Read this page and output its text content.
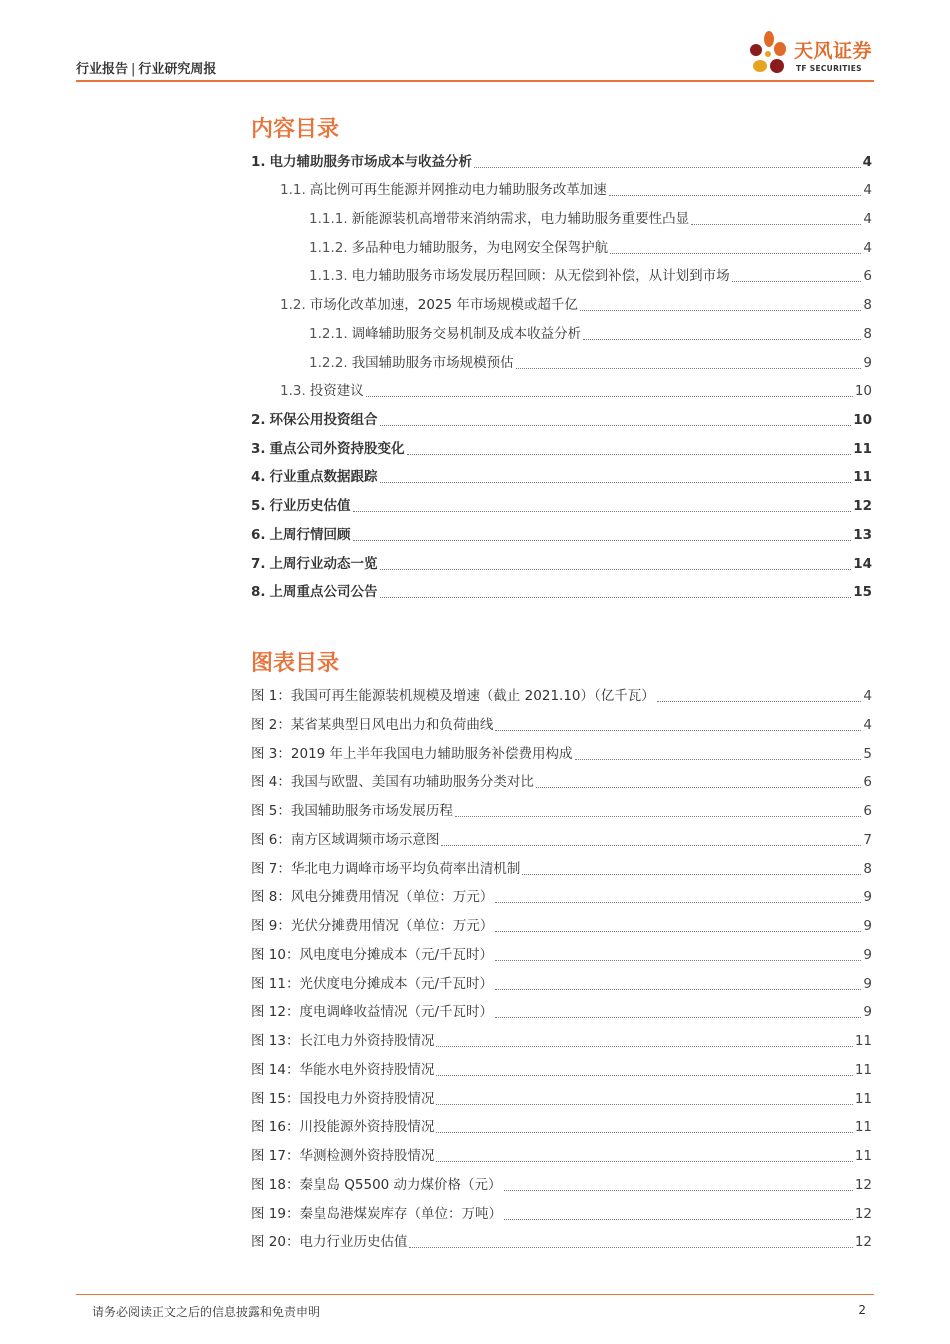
行业报告 | 行业研究周报
天风证券
TF SECURITIES
内容目录
1. 电力辅助服务市场成本与收益分析	4
1.1. 高比例可再生能源并网推动电力辅助服务改革加速	4
1.1.1. 新能源装机高增带来消纳需求，电力辅助服务重要性凸显	4
1.1.2. 多品种电力辅助服务，为电网安全保驾护航	4
1.1.3. 电力辅助服务市场发展历程回顾：从无偿到补偿，从计划到市场	6
1.2. 市场化改革加速，2025 年市场规模或超千亿	8
1.2.1. 调峰辅助服务交易机制及成本收益分析	8
1.2.2. 我国辅助服务市场规模预估	9
1.3. 投资建议	10
2. 环保公用投资组合	10
3. 重点公司外资持股变化	11
4. 行业重点数据跟踪	11
5. 行业历史估值	12
6. 上周行情回顾	13
7. 上周行业动态一览	14
8. 上周重点公司公告	15
图表目录
图 1： 我国可再生能源装机规模及增速（截止 2021.10）（亿千瓦）	4
图 2： 某省某典型日风电出力和负荷曲线	4
图 3： 2019 年上半年我国电力辅助服务补偿费用构成	5
图 4： 我国与欧盟、美国有功辅助服务分类对比	6
图 5： 我国辅助服务市场发展历程	6
图 6： 南方区域调频市场示意图	7
图 7： 华北电力调峰市场平均负荷率出清机制	8
图 8： 风电分摊费用情况（单位：万元）	9
图 9： 光伏分摊费用情况（单位：万元）	9
图 10： 风电度电分摊成本（元/千瓦时）	9
图 11： 光伏度电分摊成本（元/千瓦时）	9
图 12： 度电调峰收益情况（元/千瓦时）	9
图 13： 长江电力外资持股情况	11
图 14： 华能水电外资持股情况	11
图 15： 国投电力外资持股情况	11
图 16： 川投能源外资持股情况	11
图 17： 华测检测外资持股情况	11
图 18： 秦皇岛 Q5500 动力煤价格（元）	12
图 19： 秦皇岛港煤炭库存（单位：万吨）	12
图 20： 电力行业历史估值	12
请务必阅读正文之后的信息披露和免责申明	2
